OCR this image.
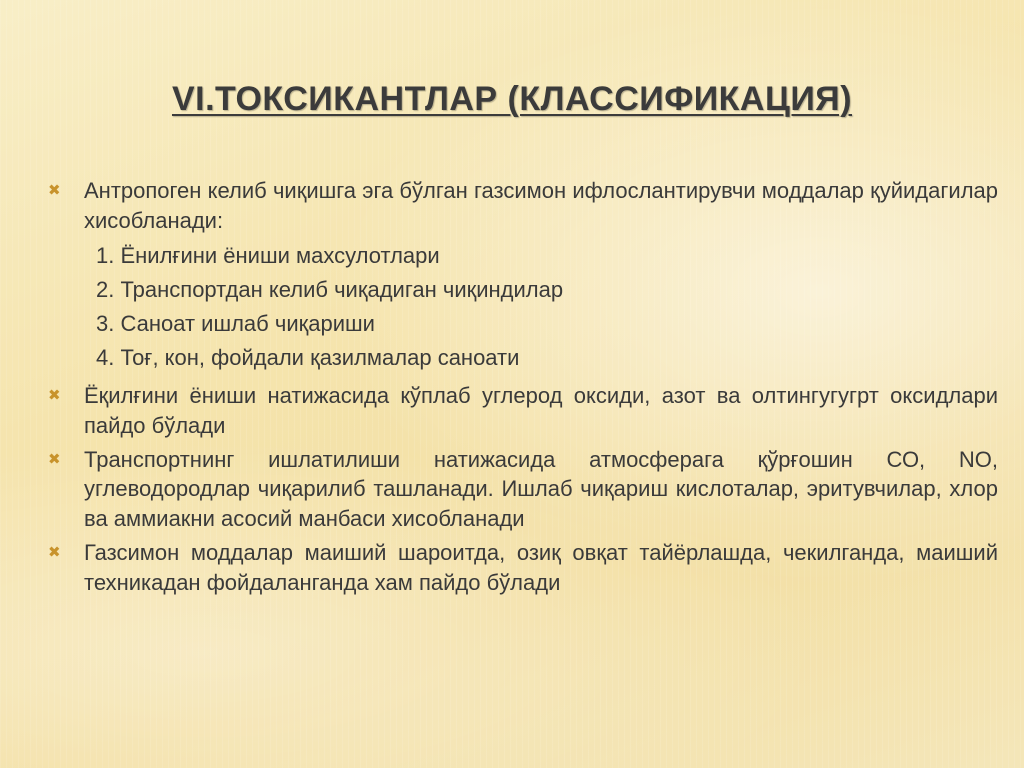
VI.ТОКСИКАНТЛАР (КЛАССИФИКАЦИЯ)
✖	Антропоген келиб чиқишга эга бўлган газсимон ифлослантирувчи моддалар қуйидагилар хисобланади:
1. Ёнилғини ёниши махсулотлари
2. Транспортдан келиб чиқадиган чиқиндилар
3. Саноат ишлаб чиқариши
4. Тоғ, кон, фойдали қазилмалар саноати
✖	Ёқилғини ёниши натижасида кўплаб углерод оксиди, азот ва олтингугугрт оксидлари пайдо бўлади
✖	Транспортнинг ишлатилиши натижасида атмосферага қўрғошин СО, NО, углеводородлар чиқарилиб ташланади. Ишлаб чиқариш кислоталар, эритувчилар, хлор ва аммиакни асосий манбаси хисобланади
✖	Газсимон моддалар маиший шароитда, озиқ овқат тайёрлашда, чекилганда, маиший техникадан фойдаланганда хам пайдо бўлади
